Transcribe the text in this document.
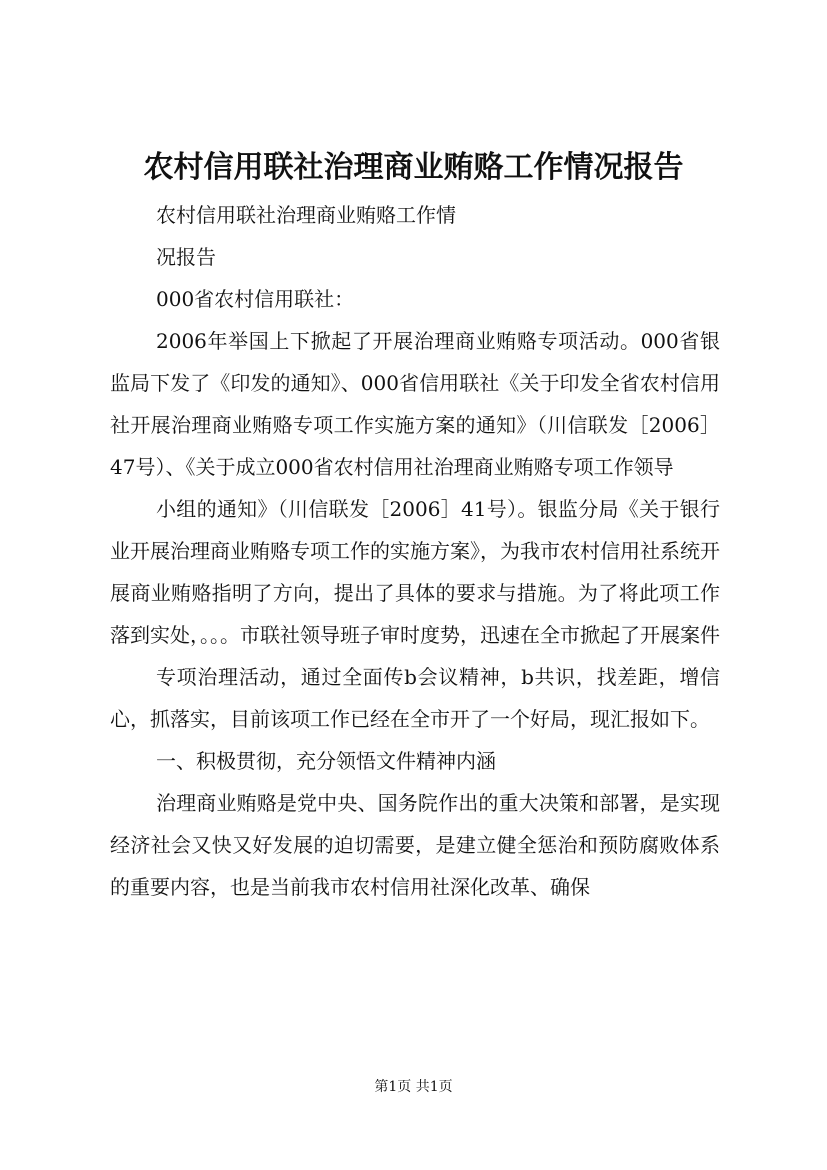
农村信用联社治理商业贿赂工作情况报告

农村信用联社治理商业贿赂工作情

况报告

000省农村信用联社：

2006年举国上下掀起了开展治理商业贿赂专项活动。000省银监局下发了《印发的通知》、000省信用联社《关于印发全省农村信用社开展治理商业贿赂专项工作实施方案的通知》（川信联发［2006］47号）、《关于成立000省农村信用社治理商业贿赂专项工作领导

小组的通知》（川信联发［2006］41号）。银监分局《关于银行业开展治理商业贿赂专项工作的实施方案》，为我市农村信用社系统开展商业贿赂指明了方向，提出了具体的要求与措施。为了将此项工作落到实处，。。。市联社领导班子审时度势，迅速在全市掀起了开展案件

专项治理活动，通过全面传b会议精神，b共识，找差距，增信心，抓落实，目前该项工作已经在全市开了一个好局，现汇报如下。

一、积极贯彻，充分领悟文件精神内涵

治理商业贿赂是党中央、国务院作出的重大决策和部署，是实现经济社会又快又好发展的迫切需要，是建立健全惩治和预防腐败体系的重要内容，也是当前我市农村信用社深化改革、确保

第1页 共1页
